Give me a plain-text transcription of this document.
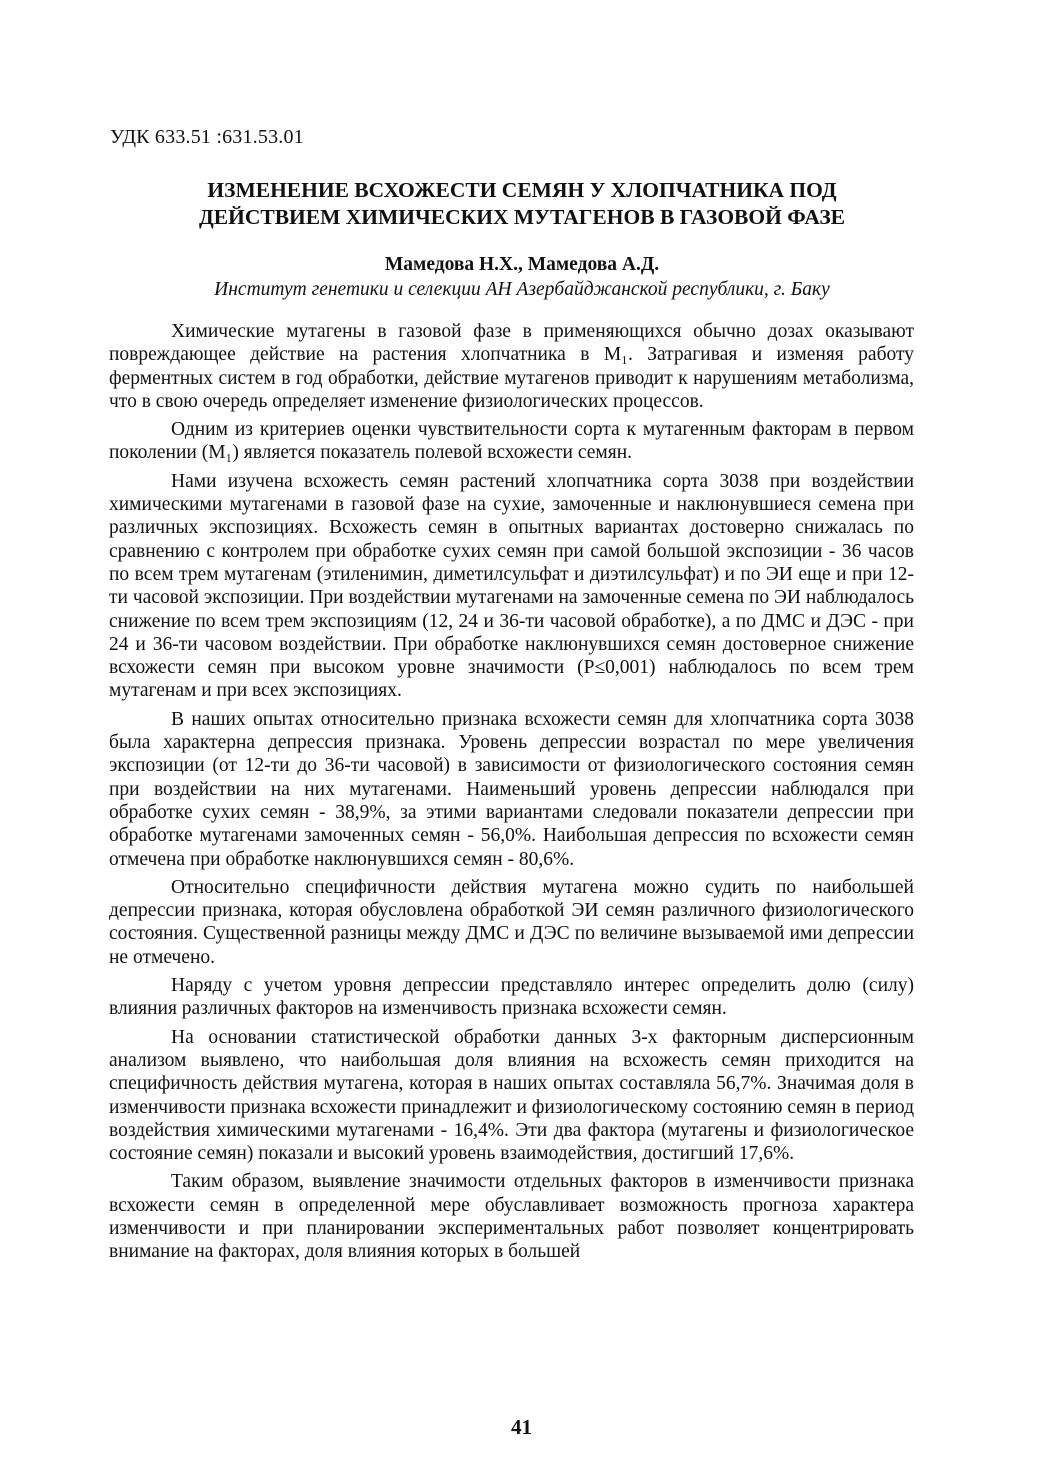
УДК 633.51 :631.53.01
ИЗМЕНЕНИЕ ВСХОЖЕСТИ СЕМЯН У ХЛОПЧАТНИКА ПОД
ДЕЙСТВИЕМ ХИМИЧЕСКИХ МУТАГЕНОВ В ГАЗОВОЙ ФАЗЕ
Мамедова Н.Х., Мамедова А.Д.
Институт генетики и селекции АН Азербайджанской республики, г. Баку

Химические мутагены в газовой фазе в применяющихся обычно дозах оказывают повреждающее действие на растения хлопчатника в M₁. Затрагивая и изменяя работу ферментных систем в год обработки, действие мутагенов приводит к нарушениям метаболизма, что в свою очередь определяет изменение физиологических процессов.

Одним из критериев оценки чувствительности сорта к мутагенным факторам в первом поколении (M₁) является показатель полевой всхожести семян.

Нами изучена всхожесть семян растений хлопчатника сорта 3038 при воздействии химическими мутагенами в газовой фазе на сухие, замоченные и наклюнувшиеся семена при различных экспозициях. Всхожесть семян в опытных вариантах достоверно снижалась по сравнению с контролем при обработке сухих семян при самой большой экспозиции - 36 часов по всем трем мутагенам (этиленимин, диметилсульфат и диэтилсульфат) и по ЭИ еще и при 12-ти часовой экспозиции. При воздействии мутагенами на замоченные семена по ЭИ наблюдалось снижение по всем трем экспозициям (12, 24 и 36-ти часовой обработке), а по ДМС и ДЭС - при 24 и 36-ти часовом воздействии. При обработке наклюнувшихся семян достоверное снижение всхожести семян при высоком уровне значимости (P≤0,001) наблюдалось по всем трем мутагенам и при всех экспозициях.

В наших опытах относительно признака всхожести семян для хлопчатника сорта 3038 была характерна депрессия признака. Уровень депрессии возрастал по мере увеличения экспозиции (от 12-ти до 36-ти часовой) в зависимости от физиологического состояния семян при воздействии на них мутагенами. Наименьший уровень депрессии наблюдался при обработке сухих семян - 38,9%, за этими вариантами следовали показатели депрессии при обработке мутагенами замоченных семян - 56,0%. Наибольшая депрессия по всхожести семян отмечена при обработке наклюнувшихся семян - 80,6%.

Относительно специфичности действия мутагена можно судить по наибольшей депрессии признака, которая обусловлена обработкой ЭИ семян различного физиологического состояния. Существенной разницы между ДМС и ДЭС по величине вызываемой ими депрессии не отмечено.

Наряду с учетом уровня депрессии представляло интерес определить долю (силу) влияния различных факторов на изменчивость признака всхожести семян.

На основании статистической обработки данных 3-х факторным дисперсионным анализом выявлено, что наибольшая доля влияния на всхожесть семян приходится на специфичность действия мутагена, которая в наших опытах составляла 56,7%. Значимая доля в изменчивости признака всхожести принадлежит и физиологическому состоянию семян в период воздействия химическими мутагенами - 16,4%. Эти два фактора (мутагены и физиологическое состояние семян) показали и высокий уровень взаимодействия, достигший 17,6%.

Таким образом, выявление значимости отдельных факторов в изменчивости признака всхожести семян в определенной мере обуславливает возможность прогноза характера изменчивости и при планировании экспериментальных работ позволяет концентрировать внимание на факторах, доля влияния которых в большей

41
